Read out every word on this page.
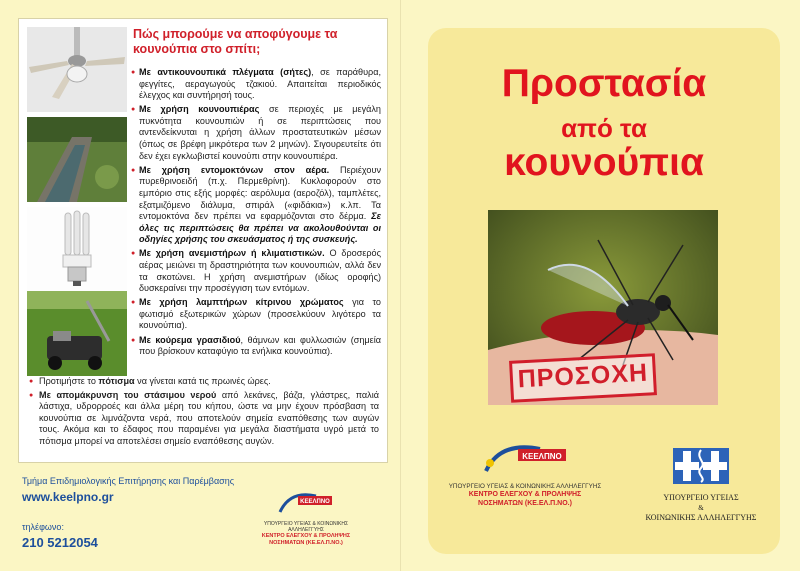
Πώς μπορούμε να αποφύγουμε τα κουνούπια στο σπίτι;
● Με αντικουνουπικά πλέγματα (σήτες), σε παράθυρα, φεγγίτες, αεραγωγούς τζακιού. Απαιτείται περιοδικός έλεγχος και συντήρησή τους.
● Με χρήση κουνουπιέρας σε περιοχές με μεγάλη πυκνότητα κουνουπιών ή σε περιπτώσεις που αντενδείκνυται η χρήση άλλων προστατευτικών μέσων (όπως σε βρέφη μικρότερα των 2 μηνών). Σιγουρευτείτε ότι δεν έχει εγκλωβιστεί κουνούπι στην κουνουπιέρα.
● Με χρήση εντομοκτόνων στον αέρα. Περιέχουν πυρεθρινοειδή (π.χ. Περμεθρίνη). Κυκλοφορούν στο εμπόριο στις εξής μορφές: αερόλυμα (αεροζόλ), ταμπλέτες, εξατμιζόμενο διάλυμα, σπιράλ («φιδάκια») κ.λπ. Τα εντομοκτόνα δεν πρέπει να εφαρμόζονται στο δέρμα. Σε όλες τις περιπτώσεις θα πρέπει να ακολουθούνται οι οδηγίες χρήσης του σκευάσματος ή της συσκευής.
● Με χρήση ανεμιστήρων ή κλιματιστικών. Ο δροσερός αέρας μειώνει τη δραστηριότητα των κουνουπιών, αλλά δεν τα σκοτώνει. Η χρήση ανεμιστήρων (ιδίως οροφής) δυσκεραίνει την προσέγγιση των εντόμων.
● Με χρήση λαμπτήρων κίτρινου χρώματος για το φωτισμό εξωτερικών χώρων (προσελκύουν λιγότερο τα κουνούπια).
● Με κούρεμα γρασιδιού, θάμνων και φυλλωσιών (σημεία που βρίσκουν καταφύγιο τα ενήλικα κουνούπια).
● Προτιμήστε το πότισμα να γίνεται κατά τις πρωινές ώρες.
● Με απομάκρυνση του στάσιμου νερού από λεκάνες, βάζα, γλάστρες, παλιά λάστιχα, υδρορροές και άλλα μέρη του κήπου, ώστε να μην έχουν πρόσβαση τα κουνούπια σε λιμνάζοντα νερά, που αποτελούν σημεία εναπόθεσης των αυγών τους. Ακόμα και το έδαφος που παραμένει για μεγάλα διαστήματα υγρό μετά το πότισμα μπορεί να αποτελέσει σημείο εναπόθεσης αυγών.
Τμήμα Επιδημιολογικής Επιτήρησης και Παρέμβασης
www.keelpno.gr
τηλέφωνο:
210 5212054
ΚΕΕΛΠΝΟ
ΥΠΟΥΡΓΕΙΟ ΥΓΕΙΑΣ & ΚΟΙΝΩΝΙΚΗΣ ΑΛΛΗΛΕΓΓΥΗΣ
ΚΕΝΤΡΟ ΕΛΕΓΧΟΥ & ΠΡΟΛΗΨΗΣ
ΝΟΣΗΜΑΤΩΝ (ΚΕ.ΕΛ.Π.ΝΟ.)
Προστασία
από τα
κουνούπια
ΠΡΟΣΟΧΗ
ΚΕΕΛΠΝΟ
ΥΠΟΥΡΓΕΙΟ ΥΓΕΙΑΣ & ΚΟΙΝΩΝΙΚΗΣ ΑΛΛΗΛΕΓΓΥΗΣ
ΚΕΝΤΡΟ ΕΛΕΓΧΟΥ & ΠΡΟΛΗΨΗΣ
ΝΟΣΗΜΑΤΩΝ (ΚΕ.ΕΛ.Π.ΝΟ.)
ΥΠΟΥΡΓΕΙΟ ΥΓΕΙΑΣ
&
ΚΟΙΝΩΝΙΚΗΣ ΑΛΛΗΛΕΓΓΥΗΣ
